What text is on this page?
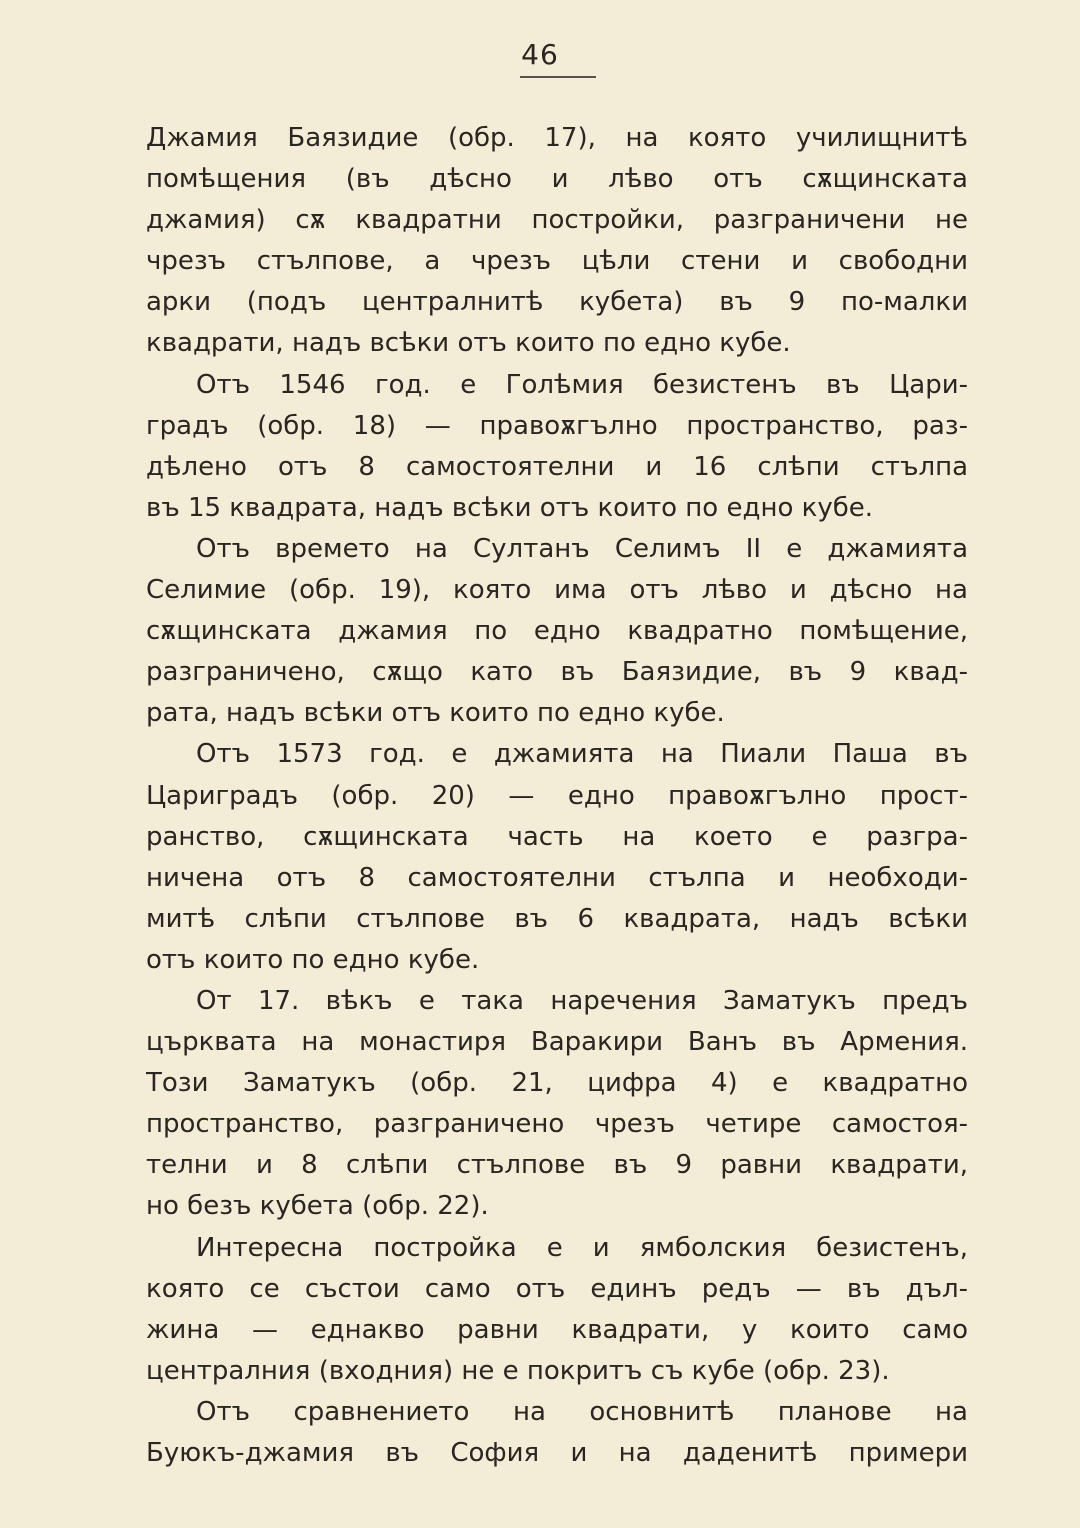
46
Джамия Баязидие (обр. 17), на която училищнитѣ
помѣщения (въ дѣсно и лѣво отъ сѫщинската
джамия) сѫ квадратни постройки, разграничени не
чрезъ стълпове, а чрезъ цѣли стени и свободни
арки (подъ централнитѣ кубета) въ 9 по-малки
квадрати, надъ всѣки отъ които по едно кубе.
Отъ 1546 год. е Голѣмия безистенъ въ Цари-
градъ (обр. 18) — правоѫгълно пространство, раз-
дѣлено отъ 8 самостоятелни и 16 слѣпи стълпа
въ 15 квадрата, надъ всѣки отъ които по едно кубе.
Отъ времето на Султанъ Селимъ II е джамията
Селимие (обр. 19), която има отъ лѣво и дѣсно на
сѫщинската джамия по едно квадратно помѣщение,
разграничено, сѫщо като въ Баязидие, въ 9 квад-
рата, надъ всѣки отъ които по едно кубе.
Отъ 1573 год. е джамията на Пиали Паша въ
Цариградъ (обр. 20) — едно правоѫгълно прост-
ранство, сѫщинската часть на което е разгра-
ничена отъ 8 самостоятелни стълпа и необходи-
митѣ слѣпи стълпове въ 6 квадрата, надъ всѣки
отъ които по едно кубе.
От 17. вѣкъ е така наречения Заматукъ предъ
църквата на монастиря Варакири Ванъ въ Армения.
Този Заматукъ (обр. 21, цифра 4) е квадратно
пространство, разграничено чрезъ четире самостоя-
телни и 8 слѣпи стълпове въ 9 равни квадрати,
но безъ кубета (обр. 22).
Интересна постройка е и ямболския безистенъ,
която се състои само отъ единъ редъ — въ дъл-
жина — еднакво равни квадрати, у които само
централния (входния) не е покритъ съ кубе (обр. 23).
Отъ сравнението на основнитѣ планове на
Буюкъ-джамия въ София и на даденитѣ примери
